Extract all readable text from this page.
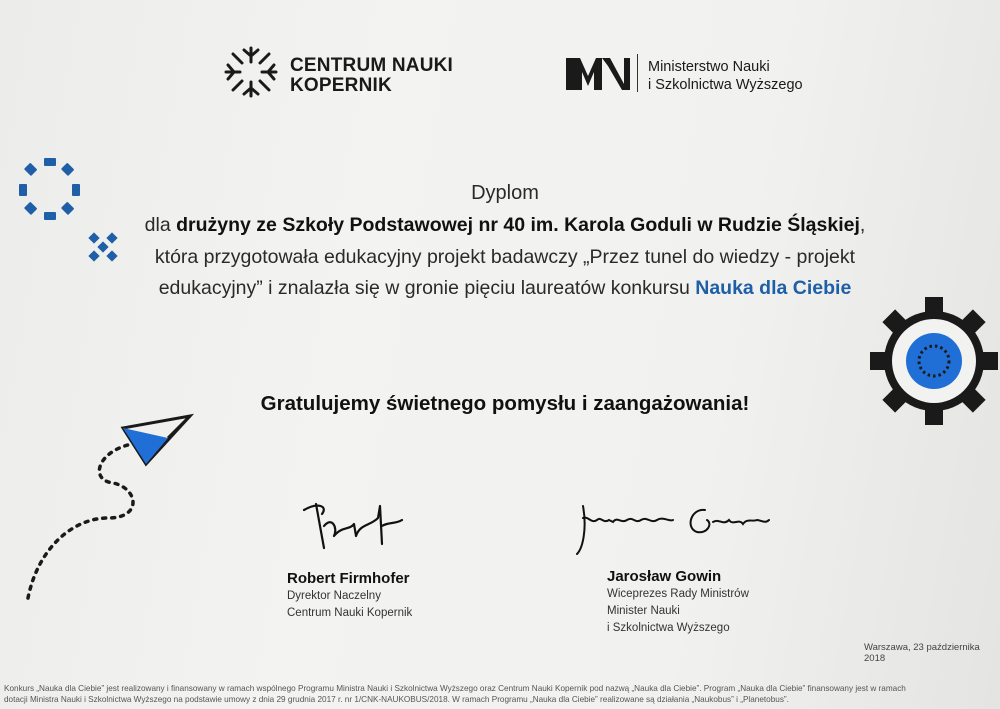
CENTRUM NAUKI
KOPERNIK
Ministerstwo Nauki
i Szkolnictwa Wyższego
Dyplom
dla drużyny ze Szkoły Podstawowej nr 40 im. Karola Goduli w Rudzie Śląskiej, która przygotowała edukacyjny projekt badawczy „Przez tunel do wiedzy - projekt edukacyjny” i znalazła się w gronie pięciu laureatów konkursu Nauka dla Ciebie
Gratulujemy świetnego pomysłu i zaangażowania!
Robert Firmhofer
Dyrektor Naczelny
Centrum Nauki Kopernik
Jarosław Gowin
Wiceprezes Rady Ministrów
Minister Nauki
i Szkolnictwa Wyższego
Warszawa, 23 października 2018
Konkurs „Nauka dla Ciebie” jest realizowany i finansowany w ramach wspólnego Programu Ministra Nauki i Szkolnictwa Wyższego oraz Centrum Nauki Kopernik pod nazwą „Nauka dla Ciebie”. Program „Nauka dla Ciebie” finansowany jest w ramach
dotacji Ministra Nauki i Szkolnictwa Wyższego na podstawie umowy z dnia 29 grudnia 2017 r. nr 1/CNK-NAUKOBUS/2018. W ramach Programu „Nauka dla Ciebie” realizowane są działania „Naukobus” i „Planetobus”.
